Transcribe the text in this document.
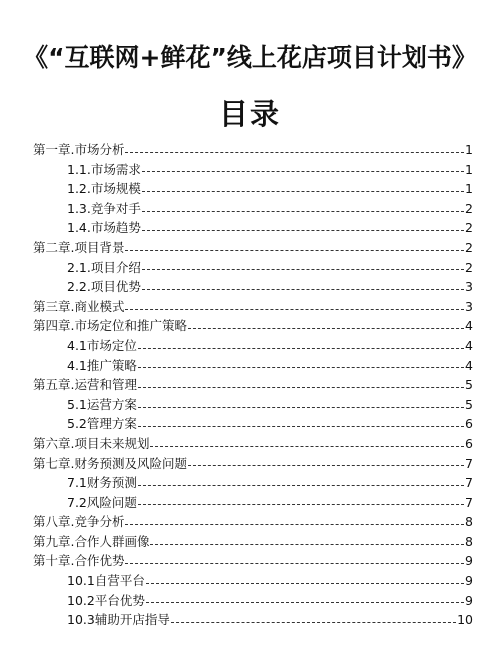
《“互联网+鲜花”线上花店项目计划书》
目录
第一章.市场分析	1
1.1.市场需求	1
1.2.市场规模	1
1.3.竞争对手	2
1.4.市场趋势	2
第二章.项目背景	2
2.1.项目介绍	2
2.2.项目优势	3
第三章.商业模式	3
第四章.市场定位和推广策略	4
4.1市场定位	4
4.1推广策略	4
第五章.运营和管理	5
5.1运营方案	5
5.2管理方案	6
第六章.项目未来规划	6
第七章.财务预测及风险问题	7
7.1财务预测	7
7.2风险问题	7
第八章.竞争分析	8
第九章.合作人群画像	8
第十章.合作优势	9
10.1自营平台	9
10.2平台优势	9
10.3辅助开店指导	10
